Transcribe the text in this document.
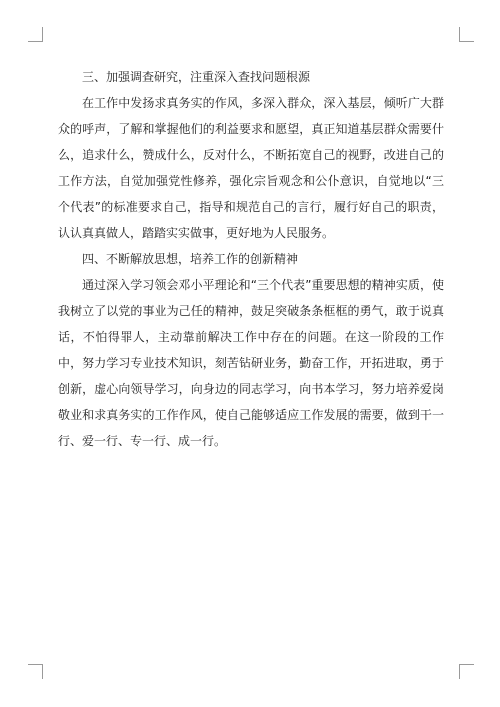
三、加强调查研究，注重深入查找问题根源

在工作中发扬求真务实的作风，多深入群众，深入基层，倾听广大群众的呼声，了解和掌握他们的利益要求和愿望，真正知道基层群众需要什么，追求什么，赞成什么，反对什么，不断拓宽自己的视野，改进自己的工作方法，自觉加强党性修养，强化宗旨观念和公仆意识，自觉地以“三个代表”的标准要求自己，指导和规范自己的言行，履行好自己的职责，认认真真做人，踏踏实实做事，更好地为人民服务。

四、不断解放思想，培养工作的创新精神

通过深入学习领会邓小平理论和“三个代表”重要思想的精神实质，使我树立了以党的事业为己任的精神，鼓足突破条条框框的勇气，敢于说真话，不怕得罪人，主动靠前解决工作中存在的问题。在这一阶段的工作中，努力学习专业技术知识，刻苦钻研业务，勤奋工作，开拓进取，勇于创新，虚心向领导学习，向身边的同志学习，向书本学习，努力培养爱岗敬业和求真务实的工作作风，使自己能够适应工作发展的需要，做到干一行、爱一行、专一行、成一行。
